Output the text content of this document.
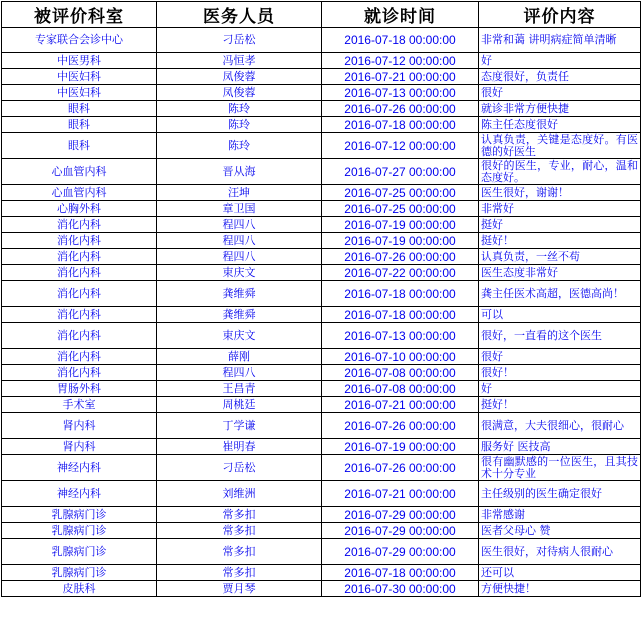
被评价科室	医务人员	就诊时间	评价内容
专家联合会诊中心	刁岳松	2016-07-18 00:00:00	非常和蔼 讲明病症简单清晰
中医男科	冯恒孝	2016-07-12 00:00:00	好
中医妇科	凤俊蓉	2016-07-21 00:00:00	态度很好，负责任
中医妇科	凤俊蓉	2016-07-13 00:00:00	很好
眼科	陈玲	2016-07-26 00:00:00	就诊非常方便快捷
眼科	陈玲	2016-07-18 00:00:00	陈主任态度很好
眼科	陈玲	2016-07-12 00:00:00	认真负责，关键是态度好。有医德的好医生
心血管内科	晋从海	2016-07-27 00:00:00	很好的医生，专业，耐心，温和态度好。
心血管内科	汪坤	2016-07-25 00:00:00	医生很好，谢谢！
心胸外科	章卫国	2016-07-25 00:00:00	非常好
消化内科	程四八	2016-07-19 00:00:00	挺好
消化内科	程四八	2016-07-19 00:00:00	挺好！
消化内科	程四八	2016-07-26 00:00:00	认真负责，一丝不苟
消化内科	束庆文	2016-07-22 00:00:00	医生态度非常好
消化内科	龚维舜	2016-07-18 00:00:00	龚主任医术高超，医德高尚！
消化内科	龚维舜	2016-07-18 00:00:00	可以
消化内科	束庆文	2016-07-13 00:00:00	很好，一直看的这个医生
消化内科	薛刚	2016-07-10 00:00:00	很好
消化内科	程四八	2016-07-08 00:00:00	很好！
胃肠外科	王昌青	2016-07-08 00:00:00	好
手术室	周桃廷	2016-07-21 00:00:00	挺好！
肾内科	丁学谦	2016-07-26 00:00:00	很满意，大夫很细心，很耐心
肾内科	崔明春	2016-07-19 00:00:00	服务好 医技高
神经内科	刁岳松	2016-07-26 00:00:00	很有幽默感的一位医生，且其技术十分专业
神经内科	刘维洲	2016-07-21 00:00:00	主任级别的医生确定很好
乳腺病门诊	常多扣	2016-07-29 00:00:00	非常感谢
乳腺病门诊	常多扣	2016-07-29 00:00:00	医者父母心 赞
乳腺病门诊	常多扣	2016-07-29 00:00:00	医生很好，对待病人很耐心
乳腺病门诊	常多扣	2016-07-18 00:00:00	还可以
皮肤科	贾月琴	2016-07-30 00:00:00	方便快捷！
